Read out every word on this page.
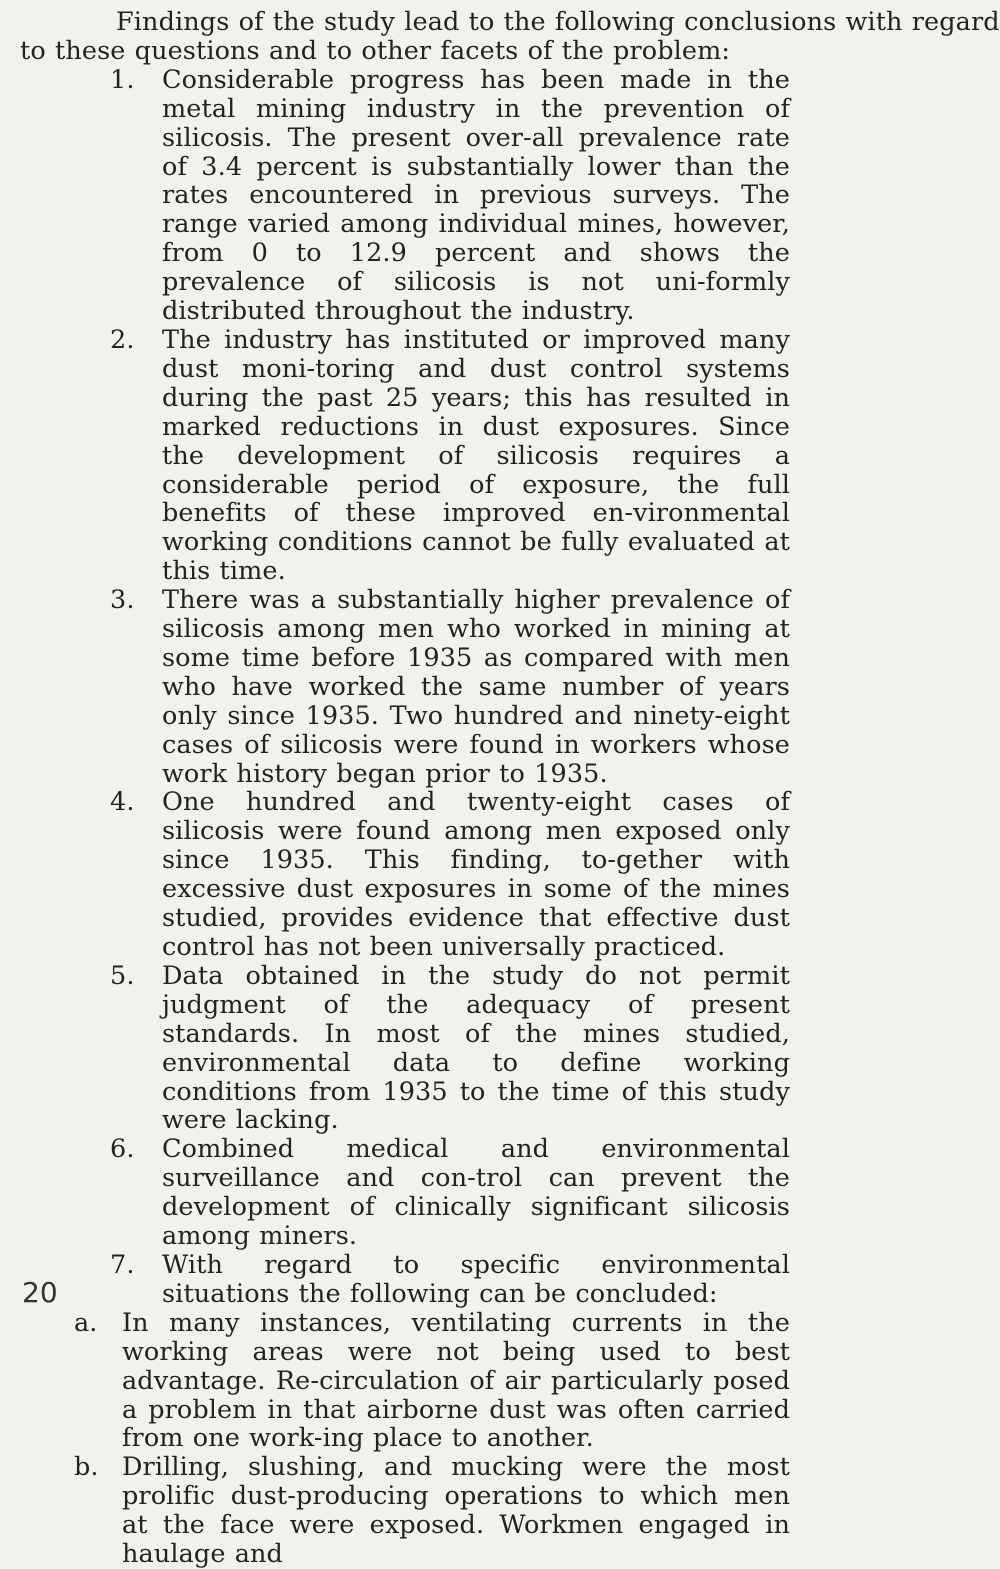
Findings of the study lead to the following conclusions with regard
to these questions and to other facets of the problem:
1. Considerable progress has been made in the metal mining industry in the prevention of silicosis. The present over-all prevalence rate of 3.4 percent is substantially lower than the rates encountered in previous surveys. The range varied among individual mines, however, from 0 to 12.9 percent and shows the prevalence of silicosis is not uni-formly distributed throughout the industry.
2. The industry has instituted or improved many dust moni-toring and dust control systems during the past 25 years; this has resulted in marked reductions in dust exposures. Since the development of silicosis requires a considerable period of exposure, the full benefits of these improved en-vironmental working conditions cannot be fully evaluated at this time.
3. There was a substantially higher prevalence of silicosis among men who worked in mining at some time before 1935 as compared with men who have worked the same number of years only since 1935. Two hundred and ninety-eight cases of silicosis were found in workers whose work history began prior to 1935.
4. One hundred and twenty-eight cases of silicosis were found among men exposed only since 1935. This finding, to-gether with excessive dust exposures in some of the mines studied, provides evidence that effective dust control has not been universally practiced.
5. Data obtained in the study do not permit judgment of the adequacy of present standards. In most of the mines studied, environmental data to define working conditions from 1935 to the time of this study were lacking.
6. Combined medical and environmental surveillance and con-trol can prevent the development of clinically significant silicosis among miners.
7. With regard to specific environmental situations the following can be concluded:
a. In many instances, ventilating currents in the working areas were not being used to best advantage. Re-circulation of air particularly posed a problem in that airborne dust was often carried from one work-ing place to another.
b. Drilling, slushing, and mucking were the most prolific dust-producing operations to which men at the face were exposed. Workmen engaged in haulage and
20
